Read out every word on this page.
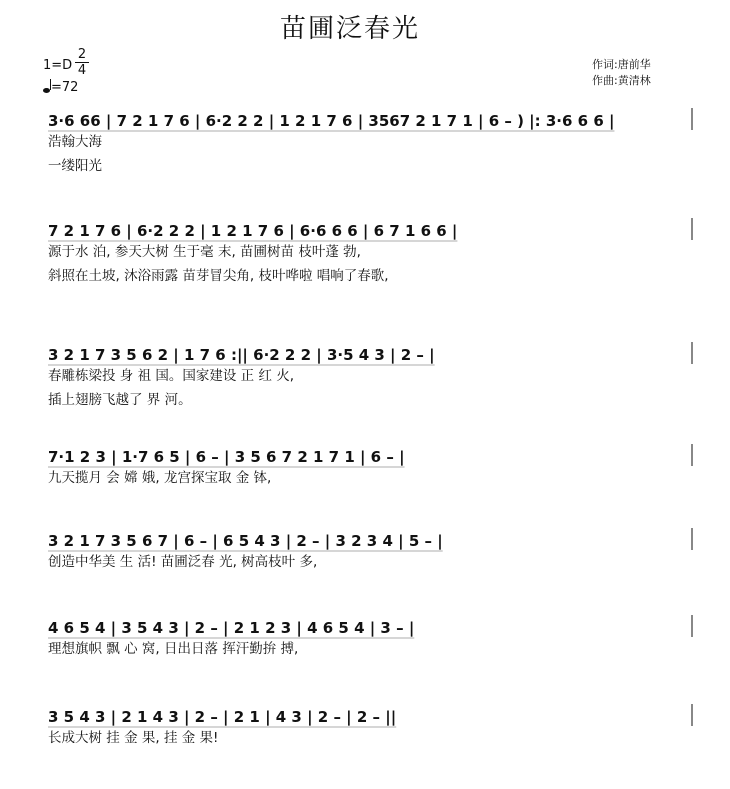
苗圃泛春光
1=D
2
4
=72
作词:唐前华
作曲:黄清林
3·6 66 | 7 2 1 7 6 | 6·2 2 2 | 1 2 1 7 6 | 3567 2 1 7 1 | 6 – ) |: 3·6 6 6 |
浩翰大海
一缕阳光
7 2 1 7 6 | 6·2 2 2 | 1 2 1 7 6 | 6·6 6 6 | 6 7 1 6 6 |
源于水 泊, 参天大树 生于毫 末, 苗圃树苗 枝叶蓬 勃,
斜照在土坡, 沐浴雨露 苗芽冒尖角, 枝叶哗啦 唱响了春歌,
3 2 1 7 3 5 6 2 | 1 7 6 :|| 6·2 2 2 | 3·5 4 3 | 2 – |
春雕栋梁投 身 祖 国。国家建设 正 红 火,
插上翅膀飞越了 界 河。
7·1 2 3 | 1·7 6 5 | 6 – | 3 5 6 7 2 1 7 1 | 6 – |
九天揽月 会 嫦 娥, 龙宫探宝取 金 钵,
3 2 1 7 3 5 6 7 | 6 – | 6 5 4 3 | 2 – | 3 2 3 4 | 5 – |
创造中华美 生 活! 苗圃泛春 光, 树高枝叶 多,
4 6 5 4 | 3 5 4 3 | 2 – | 2 1 2 3 | 4 6 5 4 | 3 – |
理想旗帜 飘 心 窝, 日出日落 挥汗勤拚 搏,
3 5 4 3 | 2 1 4 3 | 2 – | 2 1 | 4 3 | 2 – | 2 – ||
长成大树 挂 金 果, 挂 金 果!
